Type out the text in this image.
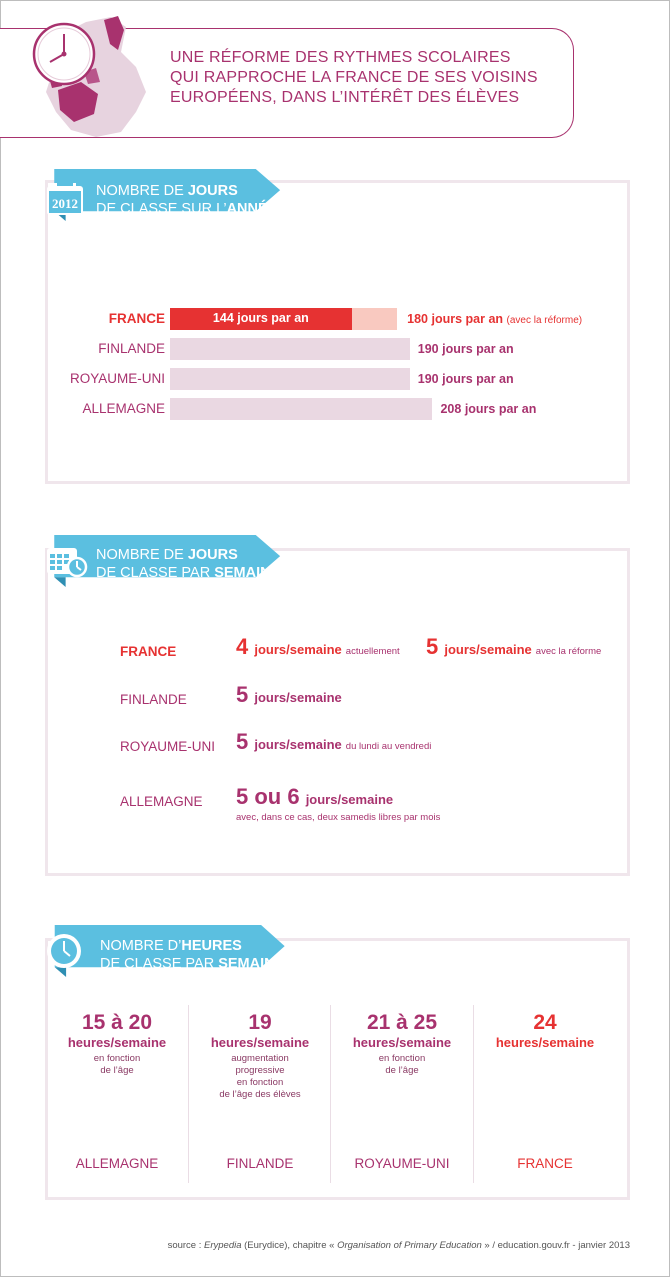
UNE RÉFORME DES RYTHMES SCOLAIRES
QUI RAPPROCHE LA FRANCE DE SES VOISINS
EUROPÉENS, DANS L’INTÉRÊT DES ÉLÈVES
2012
NOMBRE DE JOURS
DE CLASSE SUR L’ANNÉE
FRANCE	144 jours par an	180 jours par an (avec la réforme)
FINLANDE	190 jours par an
ROYAUME-UNI	190 jours par an
ALLEMAGNE	208 jours par an
NOMBRE DE JOURS
DE CLASSE PAR SEMAINE
FRANCE	4 jours/semaine actuellement 5 jours/semaine avec la réforme
FINLANDE 5 jours/semaine
ROYAUME-UNI 5 jours/semaine du lundi au vendredi
ALLEMAGNE 5 ou 6 jours/semaine
avec, dans ce cas, deux samedis libres par mois
NOMBRE D’HEURES
DE CLASSE PAR SEMAINE
15 à 20
heures/semaine
en fonction
de l’âge
ALLEMAGNE
19
heures/semaine
augmentation
progressive
en fonction
de l’âge des élèves
FINLANDE
21 à 25
heures/semaine
en fonction
de l’âge
ROYAUME-UNI
24
heures/semaine
FRANCE
source : Erypedia (Eurydice), chapitre « Organisation of Primary Education » / education.gouv.fr - janvier 2013
